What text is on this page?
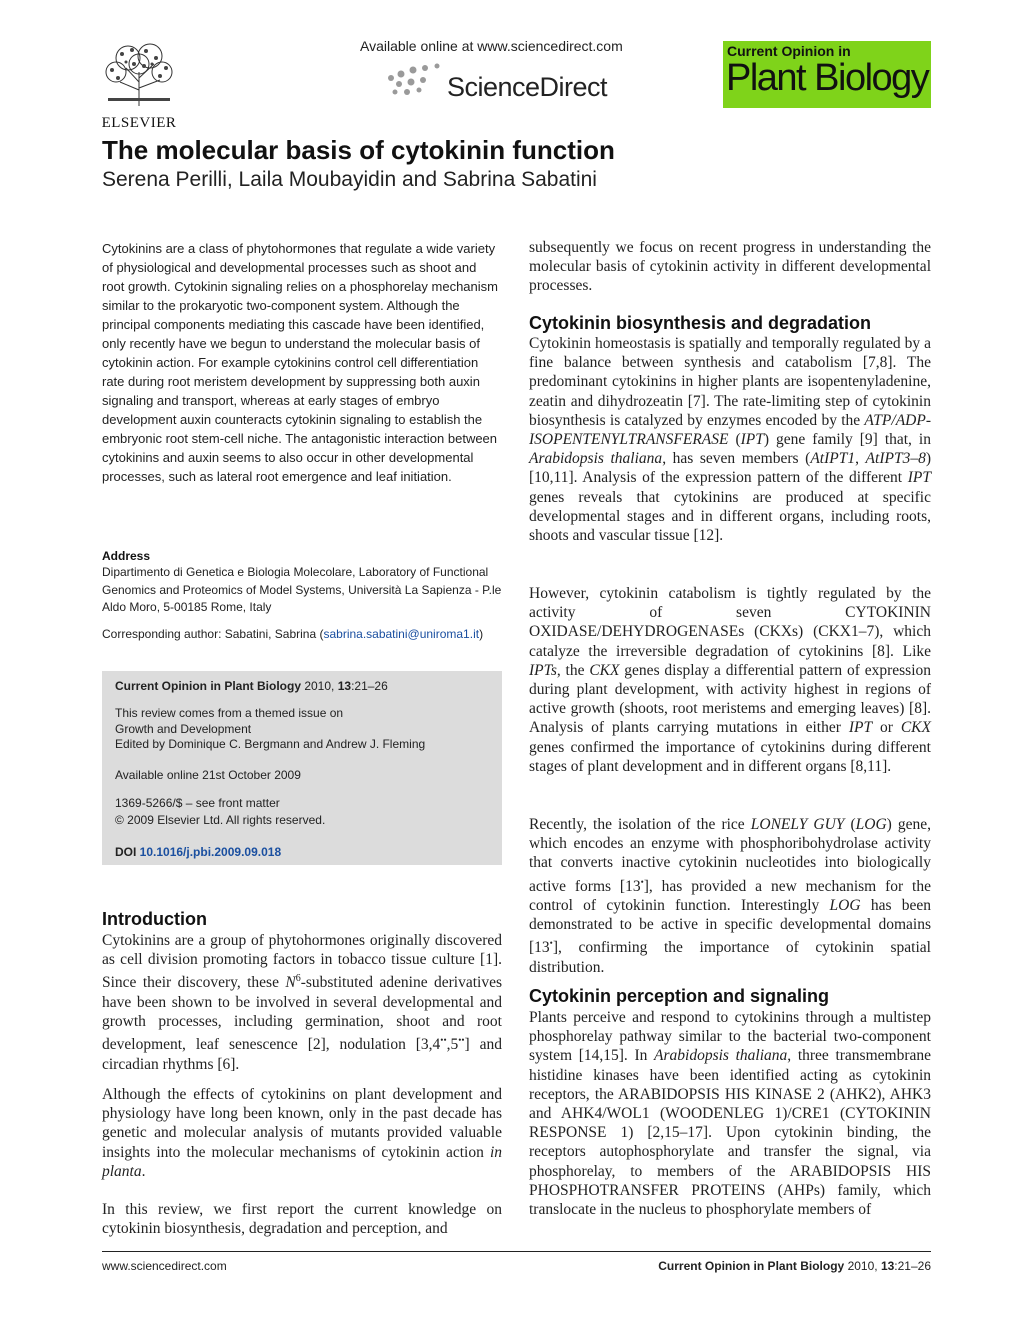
ELSEVIER
Available online at www.sciencedirect.com
ScienceDirect
Current Opinion in
Plant Biology
The molecular basis of cytokinin function
Serena Perilli, Laila Moubayidin and Sabrina Sabatini
Cytokinins are a class of phytohormones that regulate a wide variety of physiological and developmental processes such as shoot and root growth. Cytokinin signaling relies on a phosphorelay mechanism similar to the prokaryotic two-component system. Although the principal components mediating this cascade have been identified, only recently have we begun to understand the molecular basis of cytokinin action. For example cytokinins control cell differentiation rate during root meristem development by suppressing both auxin signaling and transport, whereas at early stages of embryo development auxin counteracts cytokinin signaling to establish the embryonic root stem-cell niche. The antagonistic interaction between cytokinins and auxin seems to also occur in other developmental processes, such as lateral root emergence and leaf initiation.
Address
Dipartimento di Genetica e Biologia Molecolare, Laboratory of Functional Genomics and Proteomics of Model Systems, Università La Sapienza - P.le Aldo Moro, 5-00185 Rome, Italy
Corresponding author: Sabatini, Sabrina (sabrina.sabatini@uniroma1.it)
Current Opinion in Plant Biology 2010, 13:21–26
This review comes from a themed issue on
Growth and Development
Edited by Dominique C. Bergmann and Andrew J. Fleming
Available online 21st October 2009
1369-5266/$ – see front matter
© 2009 Elsevier Ltd. All rights reserved.
DOI 10.1016/j.pbi.2009.09.018
Introduction

Cytokinins are a group of phytohormones originally discovered as cell division promoting factors in tobacco tissue culture [1]. Since their discovery, these $N^6$-substituted adenine derivatives have been shown to be involved in several developmental and growth processes, including germination, shoot and root development, leaf senescence [2], nodulation [3,4••,5••] and circadian rhythms [6].

Although the effects of cytokinins on plant development and physiology have long been known, only in the past decade has genetic and molecular analysis of mutants provided valuable insights into the molecular mechanisms of cytokinin action in planta.

In this review, we first report the current knowledge on cytokinin biosynthesis, degradation and perception, and
subsequently we focus on recent progress in understanding the molecular basis of cytokinin activity in different developmental processes.
Cytokinin biosynthesis and degradation

Cytokinin homeostasis is spatially and temporally regulated by a fine balance between synthesis and catabolism [7,8]. The predominant cytokinins in higher plants are isopentenyladenine, zeatin and dihydrozeatin [7]. The rate-limiting step of cytokinin biosynthesis is catalyzed by enzymes encoded by the ATP/ADP-ISOPENTENYLTRANSFERASE (IPT) gene family [9] that, in Arabidopsis thaliana, has seven members (AtIPT1, AtIPT3–8) [10,11]. Analysis of the expression pattern of the different IPT genes reveals that cytokinins are produced at specific developmental stages and in different organs, including roots, shoots and vascular tissue [12].

However, cytokinin catabolism is tightly regulated by the activity of seven CYTOKININ OXIDASE/DEHYDROGENASEs (CKXs) (CKX1–7), which catalyze the irreversible degradation of cytokinins [8]. Like IPTs, the CKX genes display a differential pattern of expression during plant development, with activity highest in regions of active growth (shoots, root meristems and emerging leaves) [8]. Analysis of plants carrying mutations in either IPT or CKX genes confirmed the importance of cytokinins during different stages of plant development and in different organs [8,11].

Recently, the isolation of the rice LONELY GUY (LOG) gene, which encodes an enzyme with phosphoribohydrolase activity that converts inactive cytokinin nucleotides into biologically active forms [13•], has provided a new mechanism for the control of cytokinin function. Interestingly LOG has been demonstrated to be active in specific developmental domains [13•], confirming the importance of cytokinin spatial distribution.

Cytokinin perception and signaling

Plants perceive and respond to cytokinins through a multistep phosphorelay pathway similar to the bacterial two-component system [14,15]. In Arabidopsis thaliana, three transmembrane histidine kinases have been identified acting as cytokinin receptors, the ARABIDOPSIS HIS KINASE 2 (AHK2), AHK3 and AHK4/WOL1 (WOODENLEG 1)/CRE1 (CYTOKININ RESPONSE 1) [2,15–17]. Upon cytokinin binding, the receptors autophosphorylate and transfer the signal, via phosphorelay, to members of the ARABIDOPSIS HIS PHOSPHOTRANSFER PROTEINS (AHPs) family, which translocate in the nucleus to phosphorylate members of

www.sciencedirect.com	Current Opinion in Plant Biology 2010, 13:21–26
